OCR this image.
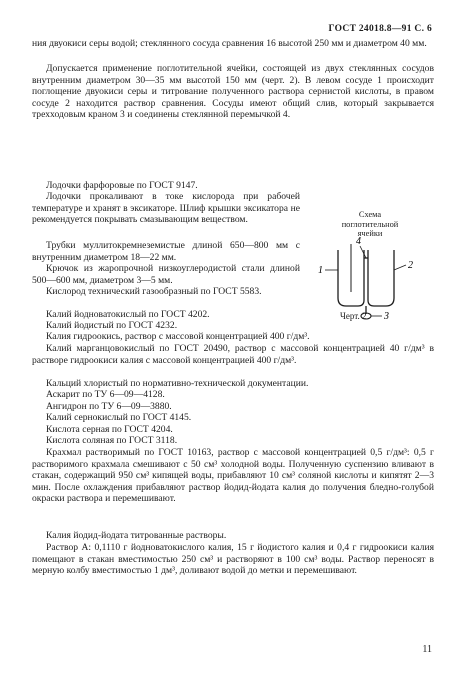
ГОСТ 24018.8—91 С. 6

ния двуокиси серы водой; стеклянного сосуда сравнения 16 высотой 250 мм и диаметром 40 мм.

Допускается применение поглотительной ячейки, состоящей из двух стеклянных сосудов внутренним диаметром 30—35 мм высотой 150 мм (черт. 2). В левом сосуде 1 происходит поглощение двуокиси серы и титрование полученного раствора сернистой кислоты, в правом сосуде 2 находится раствор сравнения. Сосуды имеют общий слив, который закрывается трехходовым краном 3 и соединены стеклянной перемычкой 4.

Лодочки фарфоровые по ГОСТ 9147.

Лодочки прокаливают в токе кислорода при рабочей температуре и хранят в эксикаторе. Шлиф крышки эксикатора не рекомендуется покрывать смазывающим веществом.

Трубки муллитокремнеземистые длиной 650—800 мм с внутренним диаметром 18—22 мм.

Крючок из жаропрочной низкоуглеродистой стали длиной 500—600 мм, диаметром 3—5 мм.

Кислород технический газообразный по ГОСТ 5583.

Калий йодноватокислый по ГОСТ 4202.

Калий йодистый по ГОСТ 4232.

Калия гидроокись, раствор с массовой концентрацией 400 г/дм³.

Калий марганцовокислый по ГОСТ 20490, раствор с массовой концентрацией 40 г/дм³ в растворе гидроокиси калия с массовой концентрацией 400 г/дм³.

Кальций хлористый по нормативно-технической документации.

Аскарит по ТУ 6—09—4128.

Ангидрон по ТУ 6—09—3880.

Калий сернокислый по ГОСТ 4145.

Кислота серная по ГОСТ 4204.

Кислота соляная по ГОСТ 3118.

Крахмал растворимый по ГОСТ 10163, раствор с массовой концентрацией 0,5 г/дм³: 0,5 г растворимого крахмала смешивают с 50 см³ холодной воды. Полученную суспензию вливают в стакан, содержащий 950 см³ кипящей воды, прибавляют 10 см³ соляной кислоты и кипятят 2—3 мин. После охлаждения прибавляют раствор йодид-йодата калия до получения бледно-голубой окраски раствора и перемешивают.

Калия йодид-йодата титрованные растворы.

Раствор А: 0,1110 г йодноватокислого калия, 15 г йодистого калия и 0,4 г гидроокиси калия помещают в стакан вместимостью 250 см³ и растворяют в 100 см³ воды. Раствор переносят в мерную колбу вместимостью 1 дм³, доливают водой до метки и перемешивают.

Схема поглотительной ячейки
1	2
3
4
Черт. 2
11
